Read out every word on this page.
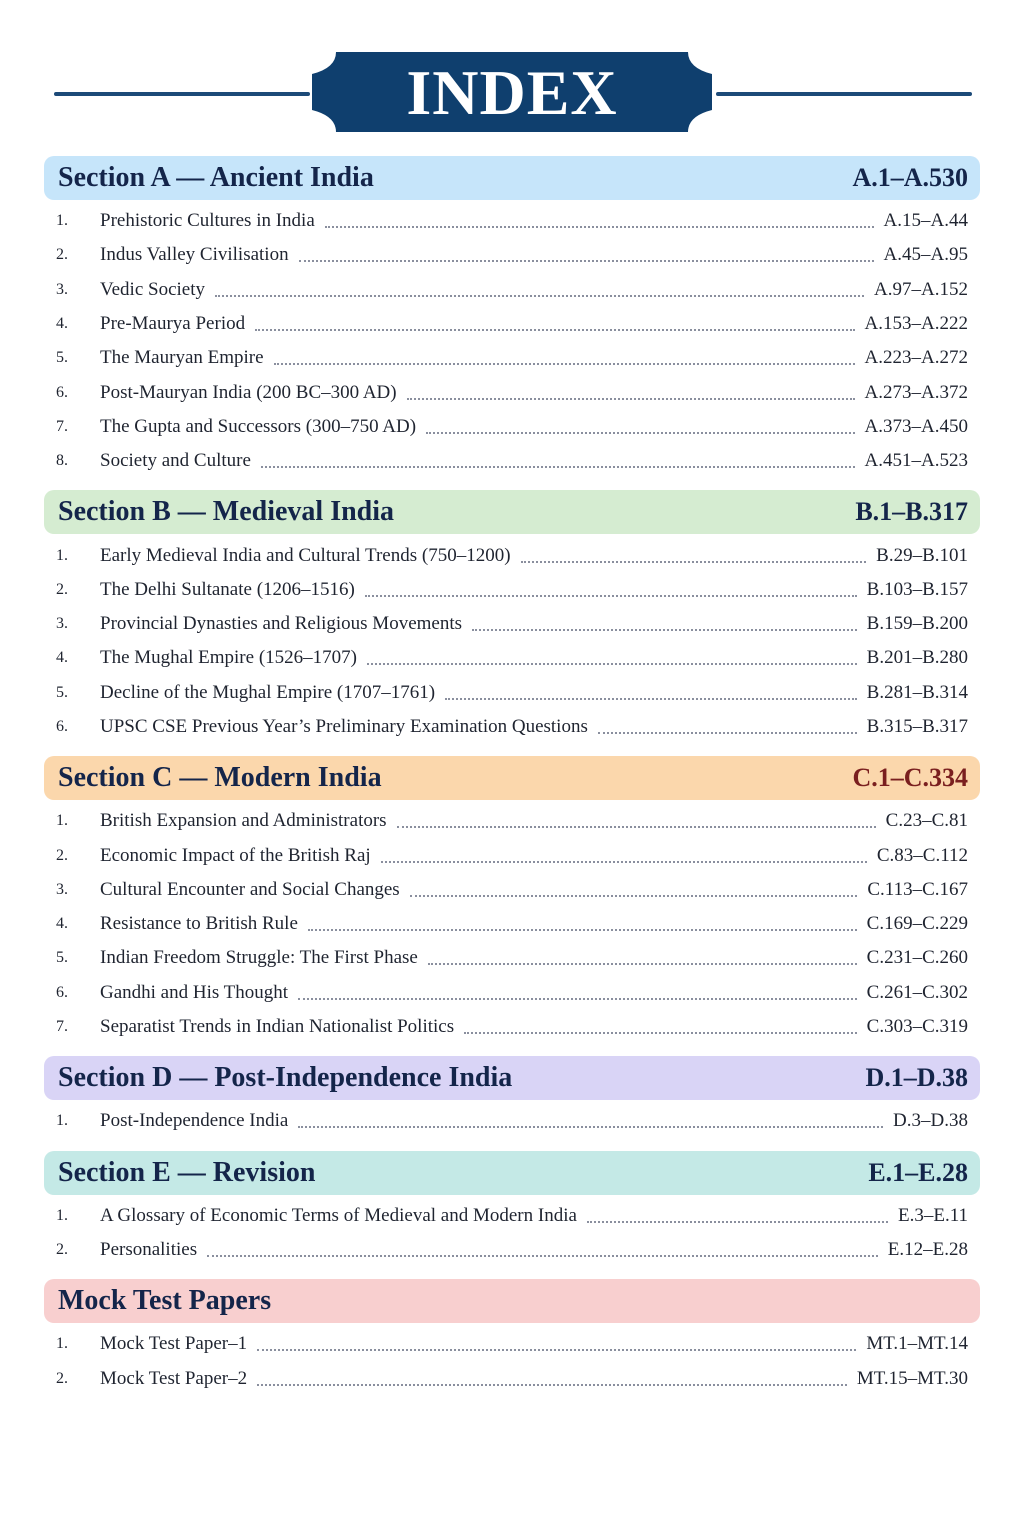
INDEX
Section A — Ancient India	A.1–A.530
1.	Prehistoric Cultures in India	A.15–A.44
2.	Indus Valley Civilisation	A.45–A.95
3.	Vedic Society	A.97–A.152
4.	Pre-Maurya Period	A.153–A.222
5.	The Mauryan Empire	A.223–A.272
6.	Post-Mauryan India (200 BC–300 AD)	A.273–A.372
7.	The Gupta and Successors (300–750 AD)	A.373–A.450
8.	Society and Culture	A.451–A.523
Section B — Medieval India	B.1–B.317
1.	Early Medieval India and Cultural Trends (750–1200)	B.29–B.101
2.	The Delhi Sultanate (1206–1516)	B.103–B.157
3.	Provincial Dynasties and Religious Movements	B.159–B.200
4.	The Mughal Empire (1526–1707)	B.201–B.280
5.	Decline of the Mughal Empire (1707–1761)	B.281–B.314
6.	UPSC CSE Previous Year’s Preliminary Examination Questions	B.315–B.317
Section C — Modern India	C.1–C.334
1.	British Expansion and Administrators	C.23–C.81
2.	Economic Impact of the British Raj	C.83–C.112
3.	Cultural Encounter and Social Changes	C.113–C.167
4.	Resistance to British Rule	C.169–C.229
5.	Indian Freedom Struggle: The First Phase	C.231–C.260
6.	Gandhi and His Thought	C.261–C.302
7.	Separatist Trends in Indian Nationalist Politics	C.303–C.319
Section D — Post-Independence India	D.1–D.38
1.	Post-Independence India	D.3–D.38
Section E — Revision	E.1–E.28
1.	A Glossary of Economic Terms of Medieval and Modern India	E.3–E.11
2.	Personalities	E.12–E.28
Mock Test Papers
1.	Mock Test Paper–1	MT.1–MT.14
2.	Mock Test Paper–2	MT.15–MT.30
